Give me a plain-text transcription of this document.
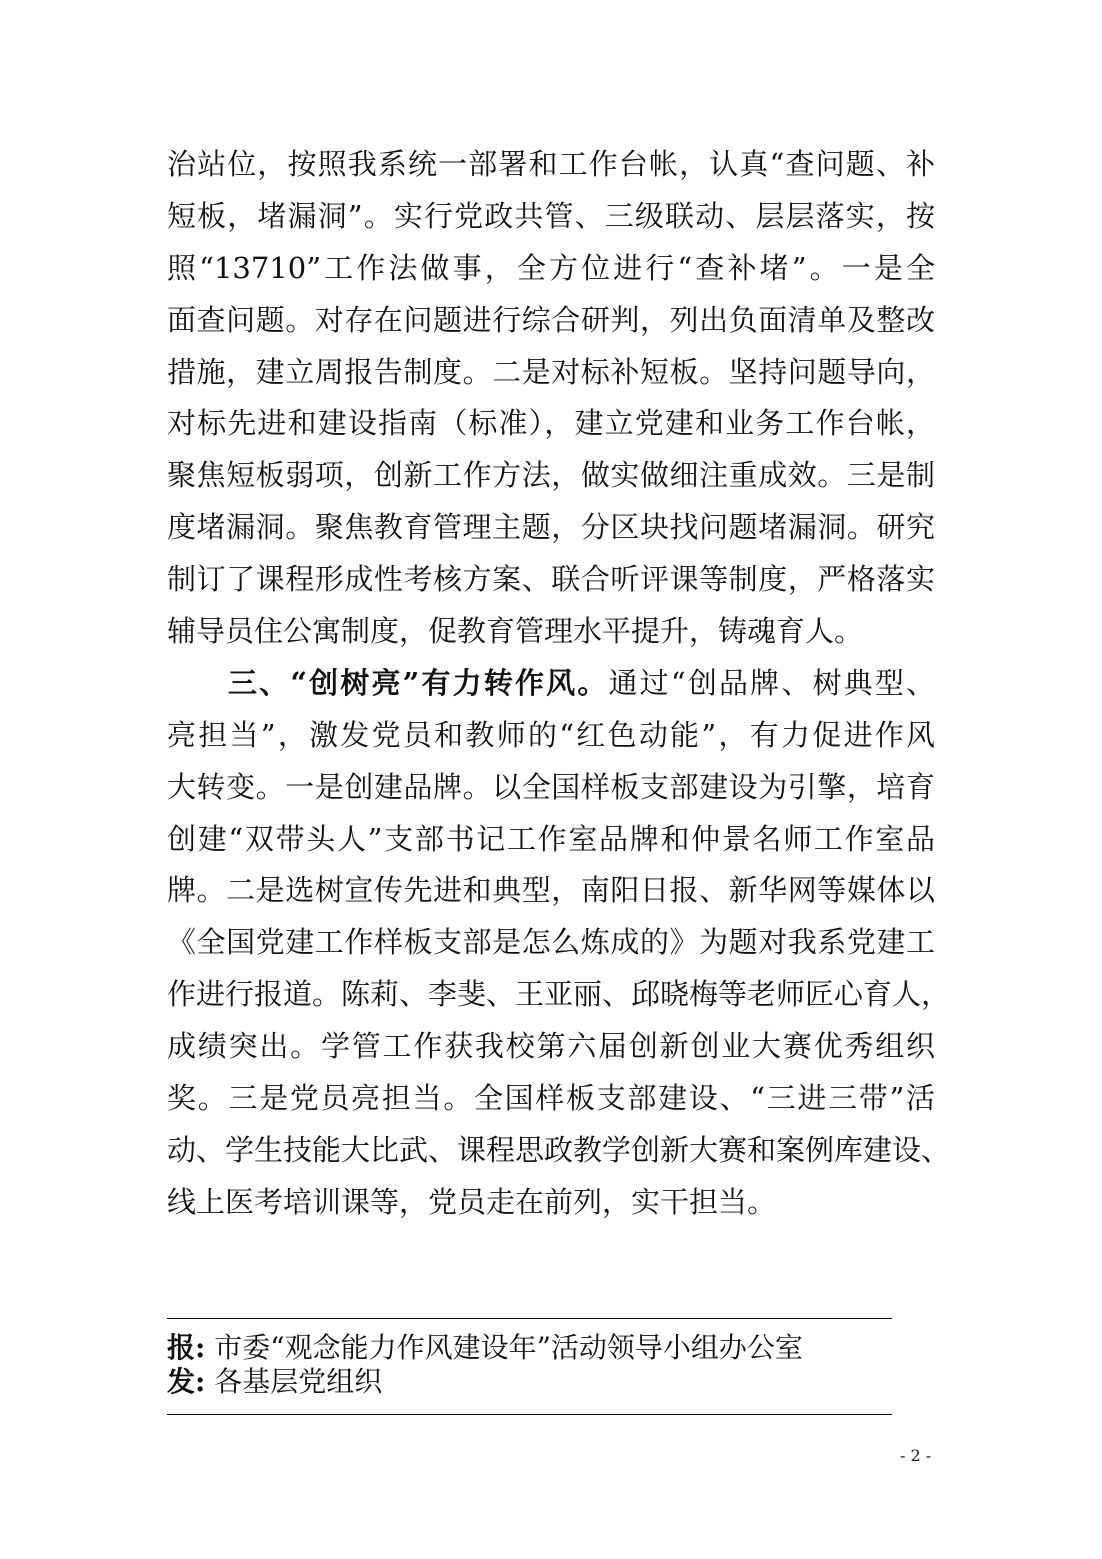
治站位，按照我系统一部署和工作台帐，认真“查问题、补
短板，堵漏洞”。实行党政共管、三级联动、层层落实，按
照“13710”工作法做事，全方位进行“查补堵”。一是全
面查问题。对存在问题进行综合研判，列出负面清单及整改
措施，建立周报告制度。二是对标补短板。坚持问题导向，
对标先进和建设指南（标准），建立党建和业务工作台帐，
聚焦短板弱项，创新工作方法，做实做细注重成效。三是制
度堵漏洞。聚焦教育管理主题，分区块找问题堵漏洞。研究
制订了课程形成性考核方案、联合听评课等制度，严格落实
辅导员住公寓制度，促教育管理水平提升，铸魂育人。
三、“创树亮”有力转作风。通过“创品牌、树典型、
亮担当”，激发党员和教师的“红色动能”，有力促进作风
大转变。一是创建品牌。以全国样板支部建设为引擎，培育
创建“双带头人”支部书记工作室品牌和仲景名师工作室品
牌。二是选树宣传先进和典型，南阳日报、新华网等媒体以
《全国党建工作样板支部是怎么炼成的》为题对我系党建工
作进行报道。陈莉、李斐、王亚丽、邱晓梅等老师匠心育人，
成绩突出。学管工作获我校第六届创新创业大赛优秀组织
奖。三是党员亮担当。全国样板支部建设、“三进三带”活
动、学生技能大比武、课程思政教学创新大赛和案例库建设、
线上医考培训课等，党员走在前列，实干担当。
报: 市委“观念能力作风建设年”活动领导小组办公室
发: 各基层党组织
- 2 -
